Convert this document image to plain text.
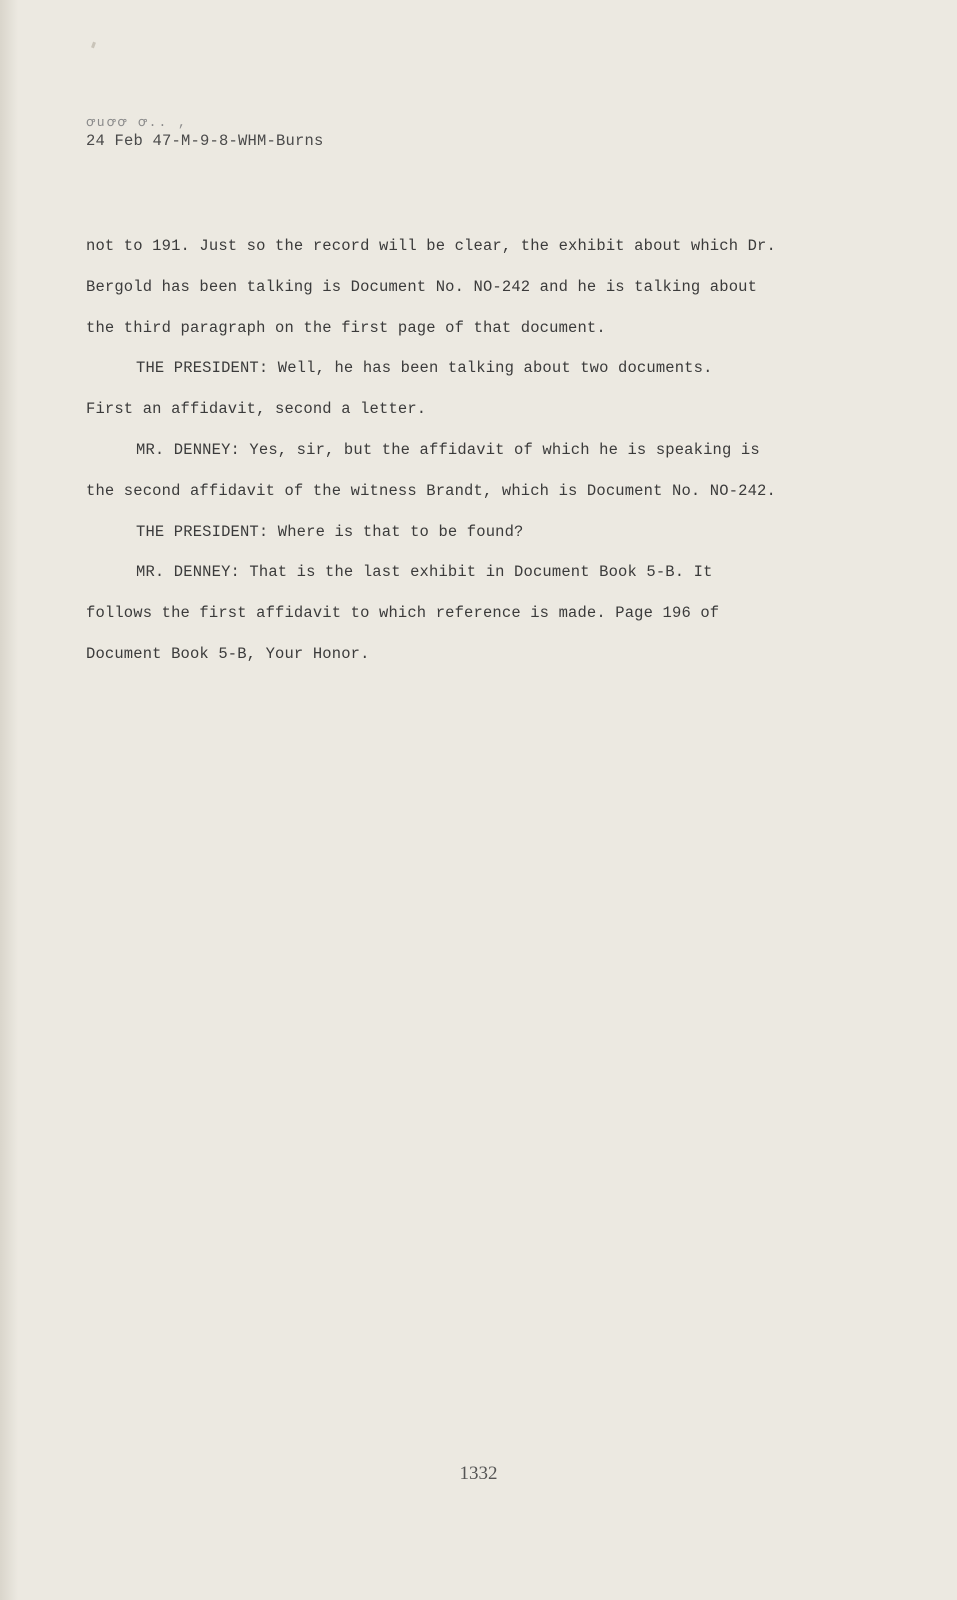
ꝍuꝍꝍ ꝍ.. ,
24 Feb 47-M-9-8-WHM-Burns

not to 191. Just so the record will be clear, the exhibit about which Dr.

Bergold has been talking is Document No. NO-242 and he is talking about

the third paragraph on the first page of that document.

THE PRESIDENT: Well, he has been talking about two documents.

First an affidavit, second a letter.

MR. DENNEY: Yes, sir, but the affidavit of which he is speaking is

the second affidavit of the witness Brandt, which is Document No. NO-242.

THE PRESIDENT: Where is that to be found?

MR. DENNEY: That is the last exhibit in Document Book 5-B. It

follows the first affidavit to which reference is made. Page 196 of

Document Book 5-B, Your Honor.

1332
